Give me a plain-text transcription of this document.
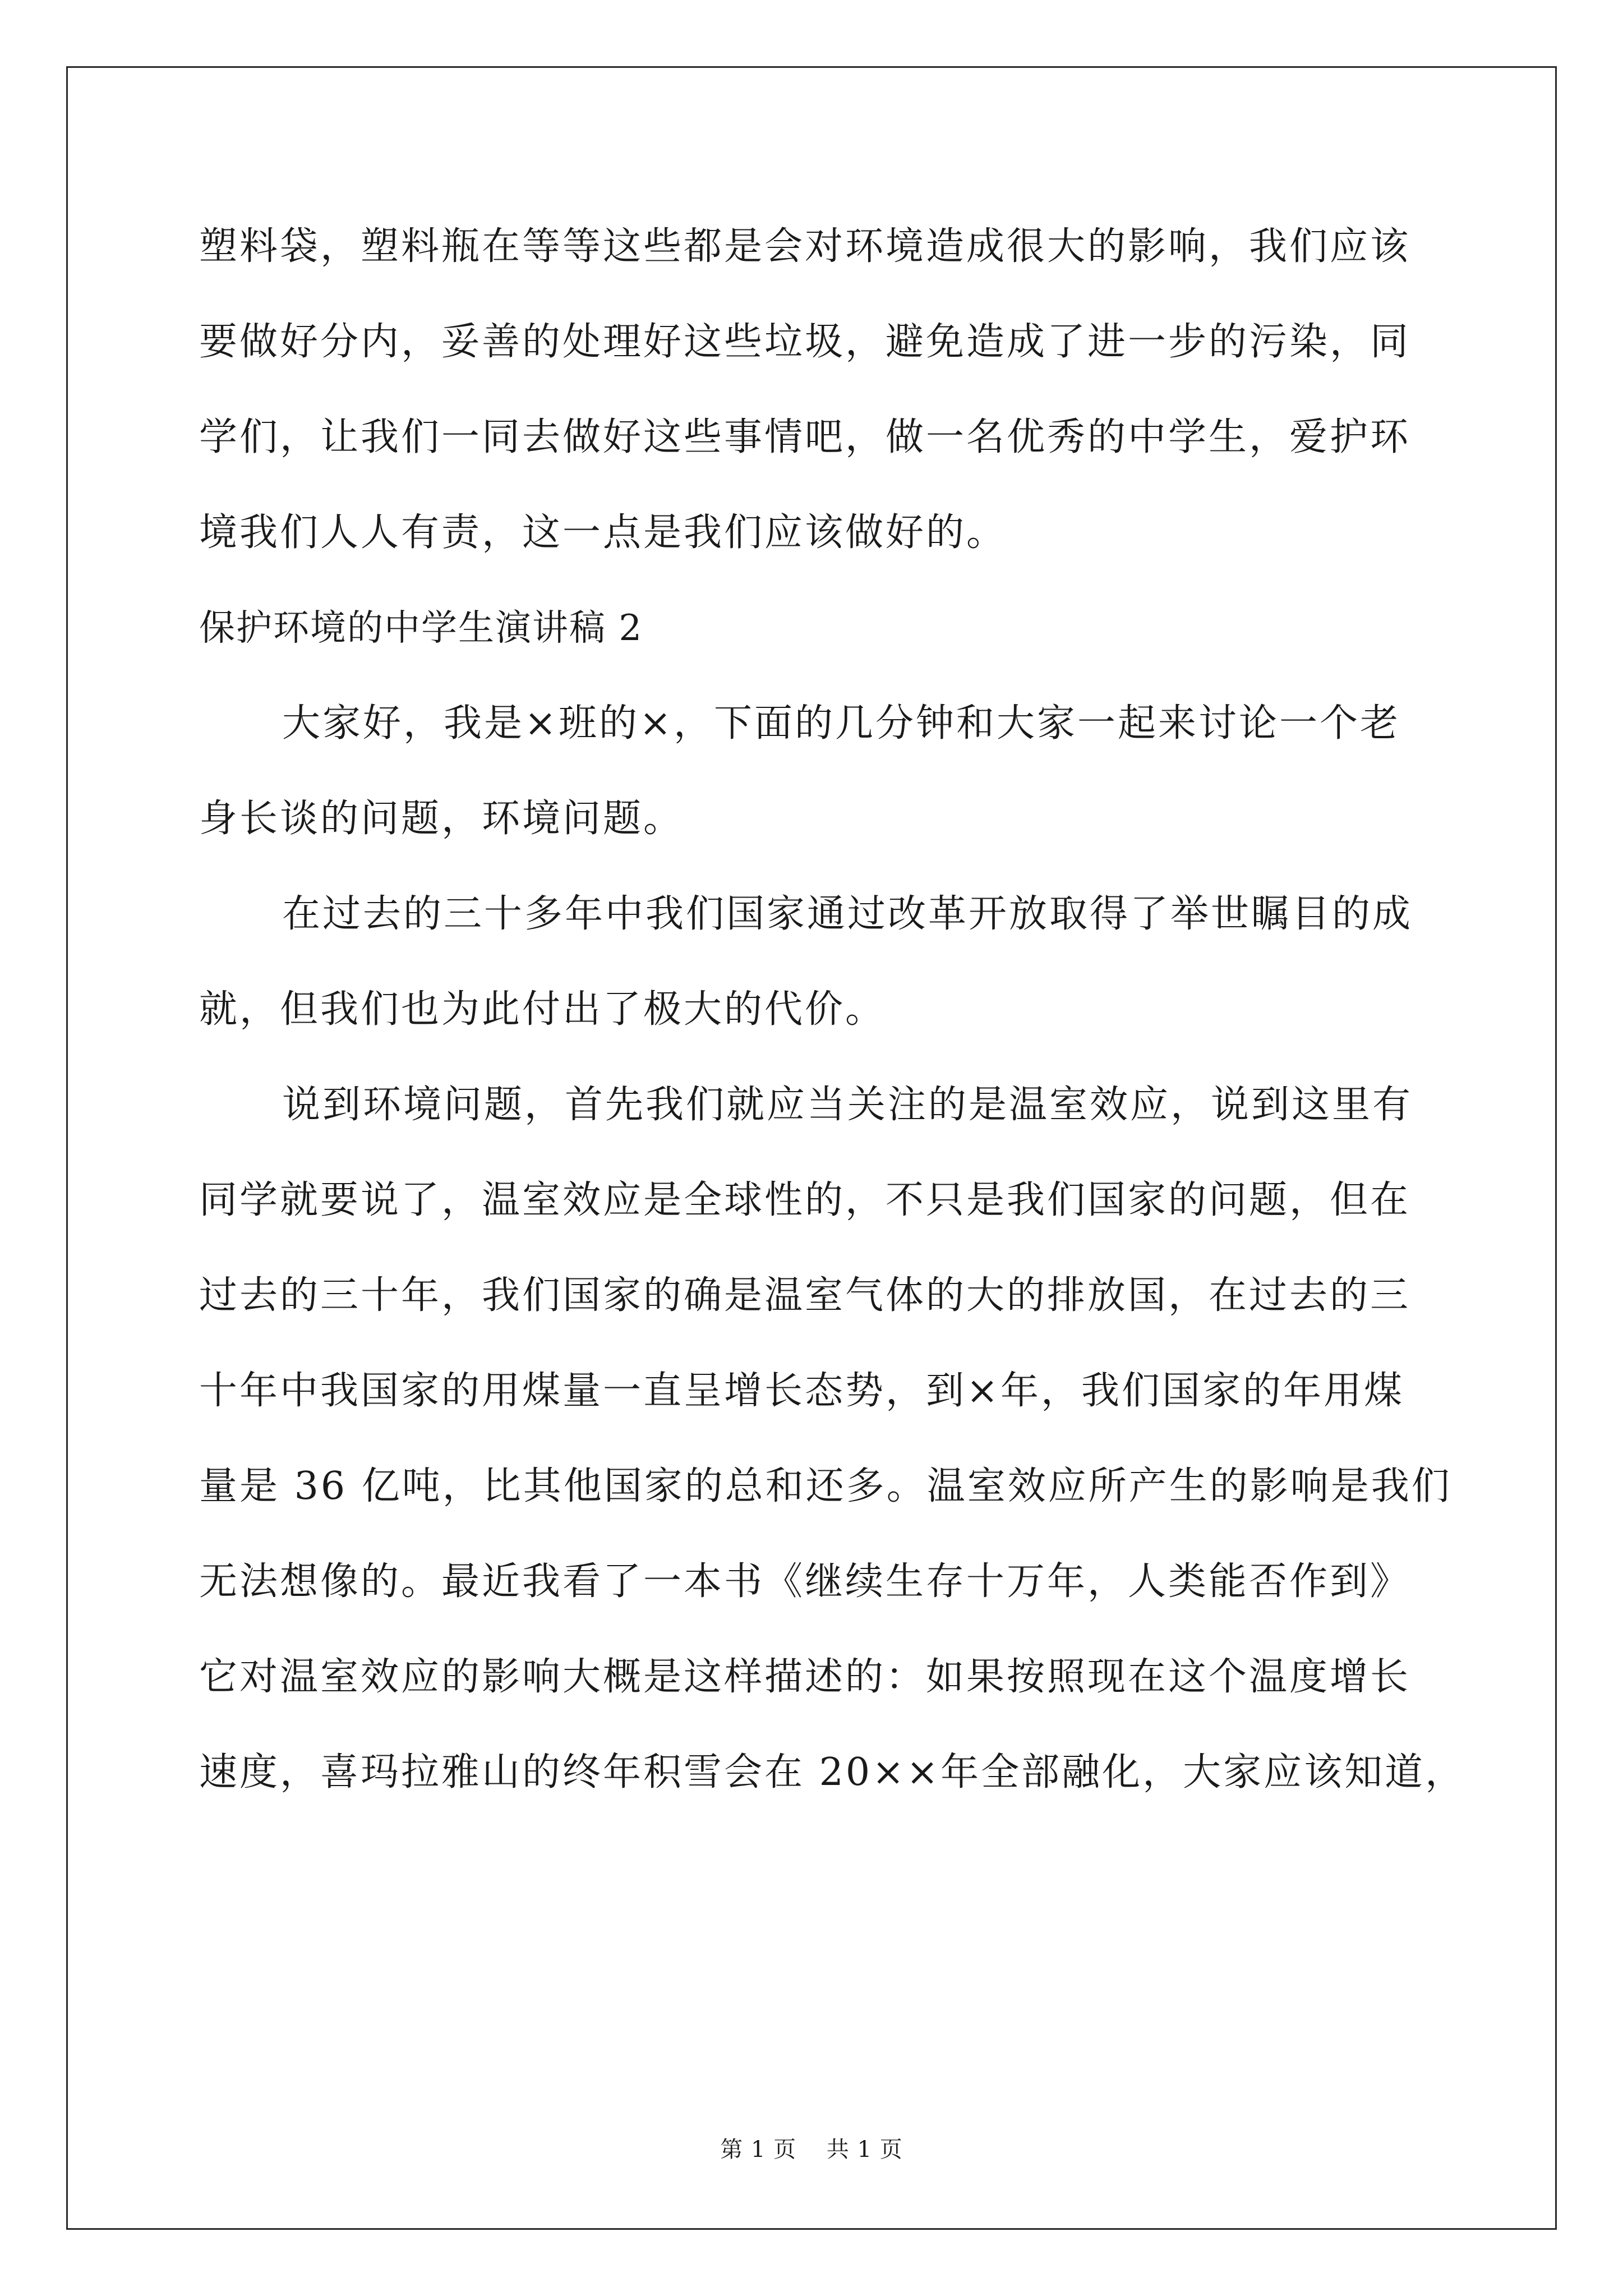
塑料袋，塑料瓶在等等这些都是会对环境造成很大的影响，我们应该
要做好分内，妥善的处理好这些垃圾，避免造成了进一步的污染，同
学们，让我们一同去做好这些事情吧，做一名优秀的中学生，爱护环
境我们人人有责，这一点是我们应该做好的。
保护环境的中学生演讲稿 2
大家好，我是×班的×，下面的几分钟和大家一起来讨论一个老
身长谈的问题，环境问题。
在过去的三十多年中我们国家通过改革开放取得了举世瞩目的成
就，但我们也为此付出了极大的代价。
说到环境问题，首先我们就应当关注的是温室效应，说到这里有
同学就要说了，温室效应是全球性的，不只是我们国家的问题，但在
过去的三十年，我们国家的确是温室气体的大的排放国，在过去的三
十年中我国家的用煤量一直呈增长态势，到×年，我们国家的年用煤
量是 36 亿吨，比其他国家的总和还多。温室效应所产生的影响是我们
无法想像的。最近我看了一本书《继续生存十万年，人类能否作到》
它对温室效应的影响大概是这样描述的：如果按照现在这个温度增长
速度，喜玛拉雅山的终年积雪会在 20××年全部融化，大家应该知道，
第 1 页 共 1 页
